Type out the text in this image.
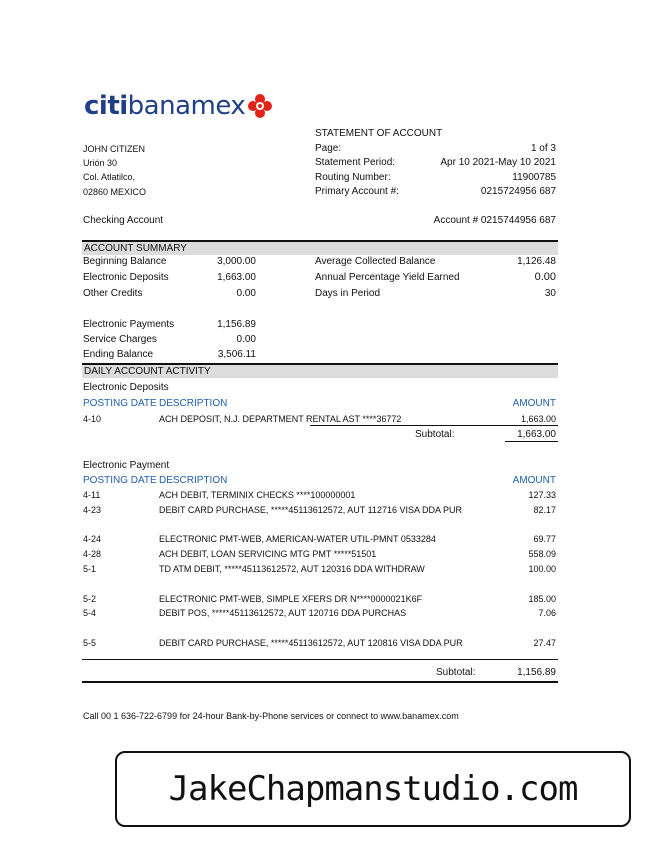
citi banamex
STATEMENT OF ACCOUNT
JOHN CITIZEN
Urión 30
Col. Atlatilco,
02860 MEXICO
Page:	1 of 3
Statement Period:	Apr 10 2021-May 10 2021
Routing Number:	11900785
Primary Account #:	0215724956 687
Checking Account	Account # 0215744956 687
ACCOUNT SUMMARY
Beginning Balance	3,000.00
Electronic Deposits	1,663.00
Other Credits	0.00
Electronic Payments	1,156.89
Service Charges	0.00
Ending Balance	3,506.11
Average Collected Balance	1,126.48
Annual Percentage Yield Earned	0.00
Days in Period	30
DAILY ACCOUNT ACTIVITY
Electronic Deposits
POSTING DATE DESCRIPTION	AMOUNT
4-10	ACH DEPOSIT, N.J. DEPARTMENT RENTAL AST ****36772	1,663.00
Subtotal:	1,663.00
Electronic Payment
POSTING DATE DESCRIPTION	AMOUNT
4-11	ACH DEBIT, TERMINIX CHECKS ****100000001	127.33
4-23	DEBIT CARD PURCHASE, *****45113612572, AUT 112716 VISA DDA PUR	82.17
4-24	ELECTRONIC PMT-WEB, AMERICAN-WATER UTIL-PMNT 0533284	69.77
4-28	ACH DEBIT, LOAN SERVICING MTG PMT *****51501	558.09
5-1	TD ATM DEBIT, *****45113612572, AUT 120316 DDA WITHDRAW	100.00
5-2	ELECTRONIC PMT-WEB, SIMPLE XFERS DR N****0000021K6F	185.00
5-4	DEBIT POS, *****45113612572, AUT 120716 DDA PURCHAS	7.06
5-5	DEBIT CARD PURCHASE, *****45113612572, AUT 120816 VISA DDA PUR	27.47
Subtotal:	1,156.89
Call 00 1 636-722-6799 for 24-hour Bank-by-Phone services or connect to www.banamex.com
JakeChapmanstudio.com
